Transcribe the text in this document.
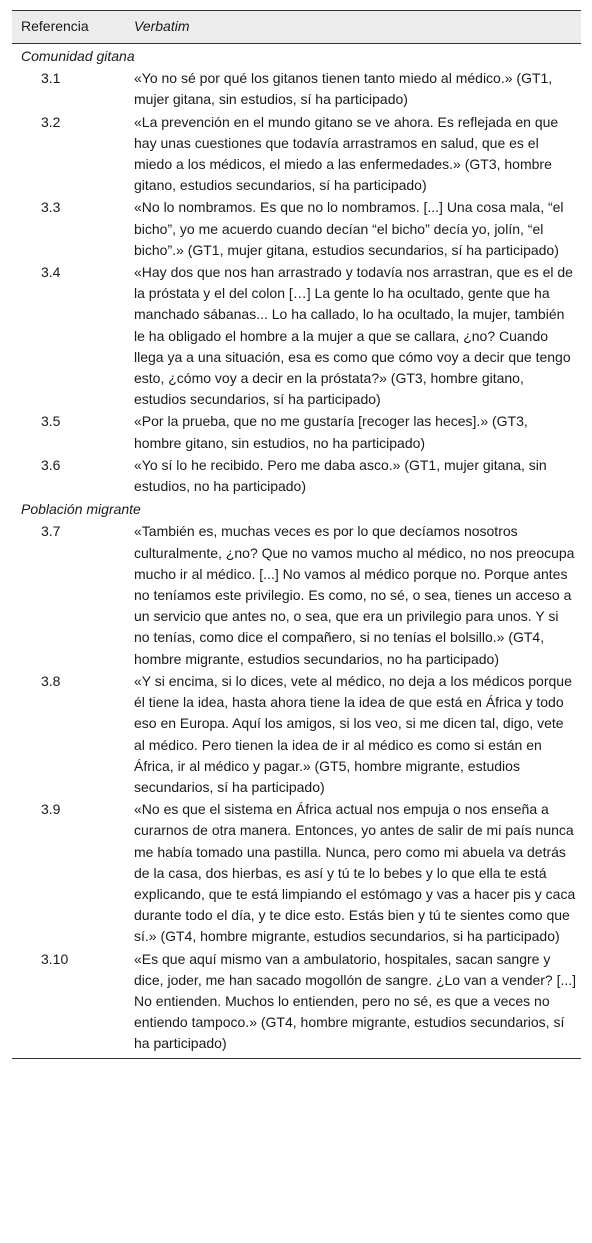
Referencia	Verbatim
Comunidad gitana	
3.1	«Yo no sé por qué los gitanos tienen tanto miedo al médico.» (GT1, mujer gitana, sin estudios, sí ha participado)
3.2	«La prevención en el mundo gitano se ve ahora. Es reflejada en que hay unas cuestiones que todavía arrastramos en salud, que es el miedo a los médicos, el miedo a las enfermedades.» (GT3, hombre gitano, estudios secundarios, sí ha participado)
3.3	«No lo nombramos. Es que no lo nombramos. [...] Una cosa mala, “el bicho”, yo me acuerdo cuando decían “el bicho” decía yo, jolín, “el bicho”.» (GT1, mujer gitana, estudios secundarios, sí ha participado)
3.4	«Hay dos que nos han arrastrado y todavía nos arrastran, que es el de la próstata y el del colon […] La gente lo ha ocultado, gente que ha manchado sábanas... Lo ha callado, lo ha ocultado, la mujer, también le ha obligado el hombre a la mujer a que se callara, ¿no? Cuando llega ya a una situación, esa es como que cómo voy a decir que tengo esto, ¿cómo voy a decir en la próstata?» (GT3, hombre gitano, estudios secundarios, sí ha participado)
3.5	«Por la prueba, que no me gustaría [recoger las heces].» (GT3, hombre gitano, sin estudios, no ha participado)
3.6	«Yo sí lo he recibido. Pero me daba asco.» (GT1, mujer gitana, sin estudios, no ha participado)
Población migrante	
3.7	«También es, muchas veces es por lo que decíamos nosotros culturalmente, ¿no? Que no vamos mucho al médico, no nos preocupa mucho ir al médico. [...] No vamos al médico porque no. Porque antes no teníamos este privilegio. Es como, no sé, o sea, tienes un acceso a un servicio que antes no, o sea, que era un privilegio para unos. Y si no tenías, como dice el compañero, si no tenías el bolsillo.» (GT4, hombre migrante, estudios secundarios, no ha participado)
3.8	«Y si encima, si lo dices, vete al médico, no deja a los médicos porque él tiene la idea, hasta ahora tiene la idea de que está en África y todo eso en Europa. Aquí los amigos, si los veo, si me dicen tal, digo, vete al médico. Pero tienen la idea de ir al médico es como si están en África, ir al médico y pagar.» (GT5, hombre migrante, estudios secundarios, sí ha participado)
3.9	«No es que el sistema en África actual nos empuja o nos enseña a curarnos de otra manera. Entonces, yo antes de salir de mi país nunca me había tomado una pastilla. Nunca, pero como mi abuela va detrás de la casa, dos hierbas, es así y tú te lo bebes y lo que ella te está explicando, que te está limpiando el estómago y vas a hacer pis y caca durante todo el día, y te dice esto. Estás bien y tú te sientes como que sí.» (GT4, hombre migrante, estudios secundarios, si ha participado)
3.10	«Es que aquí mismo van a ambulatorio, hospitales, sacan sangre y dice, joder, me han sacado mogollón de sangre. ¿Lo van a vender? [...] No entienden. Muchos lo entienden, pero no sé, es que a veces no entiendo tampoco.» (GT4, hombre migrante, estudios secundarios, sí ha participado)
